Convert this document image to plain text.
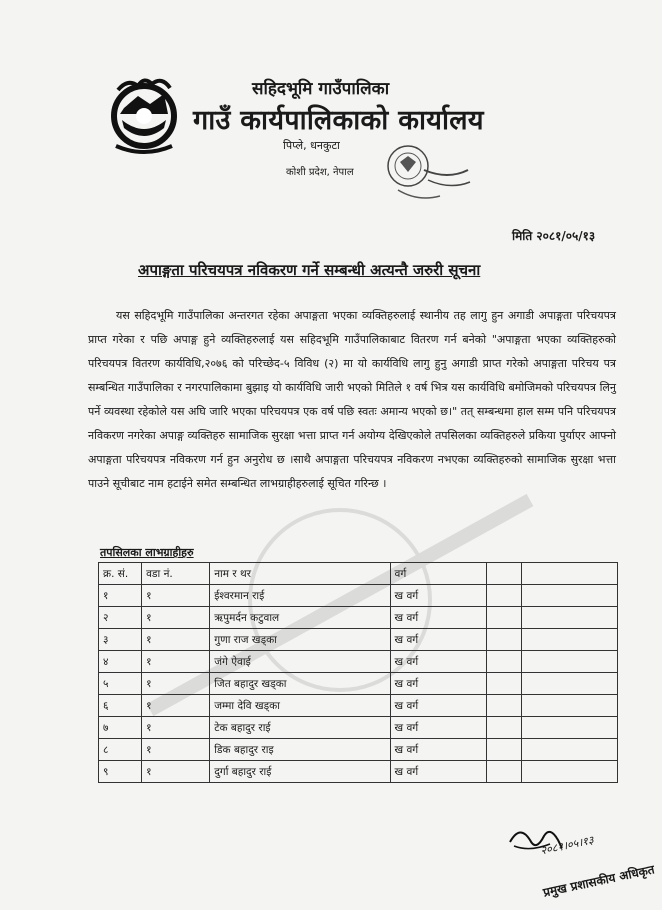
सहिदभूमि गाउँपालिका
गाउँ कार्यपालिकाको कार्यालय
पिप्ले, धनकुटा
कोशी प्रदेश, नेपाल
मिति २०८१/०५/१३
अपाङ्गता परिचयपत्र नविकरण गर्ने सम्बन्धी अत्यन्तै जरुरी सूचना
यस सहिदभूमि गाउँपालिका अन्तरगत रहेका अपाङ्गता भएका व्यक्तिहरुलाई स्थानीय तह लागु हुन अगाडी अपाङ्गता परिचयपत्र प्राप्त गरेका र पछि अपाङ्ग हुने व्यक्तिहरुलाई यस सहिदभूमि गाउँपालिकाबाट वितरण गर्न बनेको "अपाङ्गता भएका व्यक्तिहरुको परिचयपत्र वितरण कार्यविधि,२०७६ को परिच्छेद-५ विविध (२) मा यो कार्यविधि लागु हुनु अगाडी प्राप्त गरेको अपाङ्गता परिचय पत्र सम्बन्धित गाउँपालिका र नगरपालिकामा बुझाइ यो कार्यविधि जारी भएको मितिले १ वर्ष भित्र यस कार्यविधि बमोजिमको परिचयपत्र लिनु पर्ने व्यवस्था रहेकोले यस अघि जारि भएका परिचयपत्र एक वर्ष पछि स्वतः अमान्य भएको छ।" तत् सम्बन्धमा हाल सम्म पनि परिचयपत्र नविकरण नगरेका अपाङ्ग व्यक्तिहरु सामाजिक सुरक्षा भत्ता प्राप्त गर्न अयोग्य देखिएकोले तपसिलका व्यक्तिहरुले प्रकिया पुर्याएर आफ्नो अपाङ्गता परिचयपत्र नविकरण गर्न हुन अनुरोध छ ।साथै अपाङ्गता परिचयपत्र नविकरण नभएका व्यक्तिहरुको सामाजिक सुरक्षा भत्ता पाउने सूचीबाट नाम हटाईने समेत सम्बन्धित लाभग्राहीहरुलाई सूचित गरिन्छ ।
तपसिलका लाभग्राहीहरु
क्र. सं.	वडा नं.	नाम र थर	वर्ग		
१	१	ईश्वरमान राई	ख वर्ग		
२	१	ऋपुमर्दन कटुवाल	ख वर्ग		
३	१	गुणा राज खड्का	ख वर्ग		
४	१	जंगे ऐवाई	ख वर्ग		
५	१	जित बहादुर खड्का	ख वर्ग		
६	१	जम्मा देवि खड्का	ख वर्ग		
७	१	टेक बहादुर राई	ख वर्ग		
८	१	डिक बहादुर राइ	ख वर्ग		
९	१	दुर्गा बहादुर राई	ख वर्ग		
२०८१।०५।१३
प्रमुख प्रशासकीय अधिकृत
